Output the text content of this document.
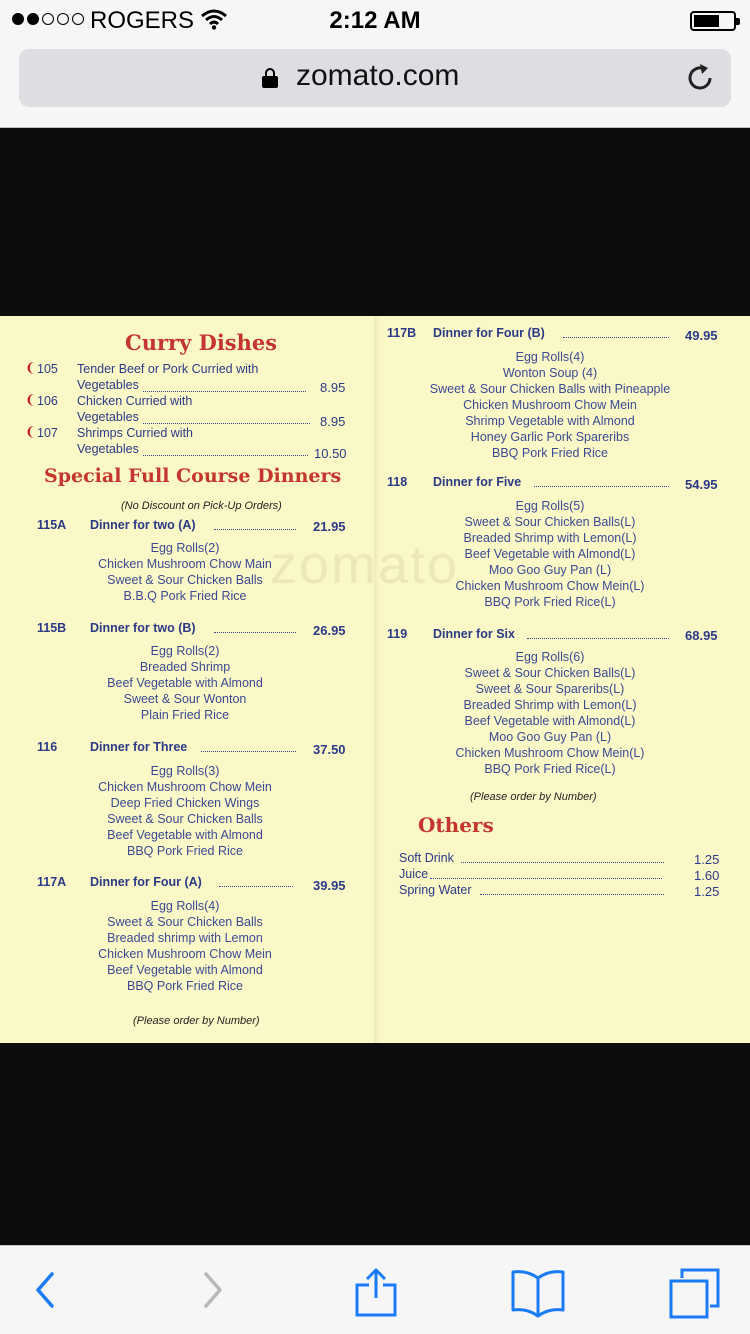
ROGERS	2:12 AM
zomato.com
zomato
Curry Dishes
❨ 105 Tender Beef or Pork Curried with
Vegetables	8.95
❨ 106 Chicken Curried with
Vegetables	8.95
❨ 107 Shrimps Curried with
Vegetables	10.50
Special Full Course Dinners
(No Discount on Pick-Up Orders)
115A Dinner for two (A)	21.95
Egg Rolls(2)
Chicken Mushroom Chow Main
Sweet & Sour Chicken Balls
B.B.Q Pork Fried Rice
115B Dinner for two (B)	26.95
Egg Rolls(2)
Breaded Shrimp
Beef Vegetable with Almond
Sweet & Sour Wonton
Plain Fried Rice
116	Dinner for Three	37.50
Egg Rolls(3)
Chicken Mushroom Chow Mein
Deep Fried Chicken Wings
Sweet & Sour Chicken Balls
Beef Vegetable with Almond
BBQ Pork Fried Rice
117A Dinner for Four (A)	39.95
Egg Rolls(4)
Sweet & Sour Chicken Balls
Breaded shrimp with Lemon
Chicken Mushroom Chow Mein
Beef Vegetable with Almond
BBQ Pork Fried Rice
(Please order by Number)
117B Dinner for Four (B)	49.95
Egg Rolls(4)
Wonton Soup (4)
Sweet & Sour Chicken Balls with Pineapple
Chicken Mushroom Chow Mein
Shrimp Vegetable with Almond
Honey Garlic Pork Spareribs
BBQ Pork Fried Rice
118 Dinner for Five	54.95
Egg Rolls(5)
Sweet & Sour Chicken Balls(L)
Breaded Shrimp with Lemon(L)
Beef Vegetable with Almond(L)
Moo Goo Guy Pan (L)
Chicken Mushroom Chow Mein(L)
BBQ Pork Fried Rice(L)
119 Dinner for Six	68.95
Egg Rolls(6)
Sweet & Sour Chicken Balls(L)
Sweet & Sour Spareribs(L)
Breaded Shrimp with Lemon(L)
Beef Vegetable with Almond(L)
Moo Goo Guy Pan (L)
Chicken Mushroom Chow Mein(L)
BBQ Pork Fried Rice(L)
(Please order by Number)
Others
Soft Drink	1.25
Juice	1.60
Spring Water	1.25
